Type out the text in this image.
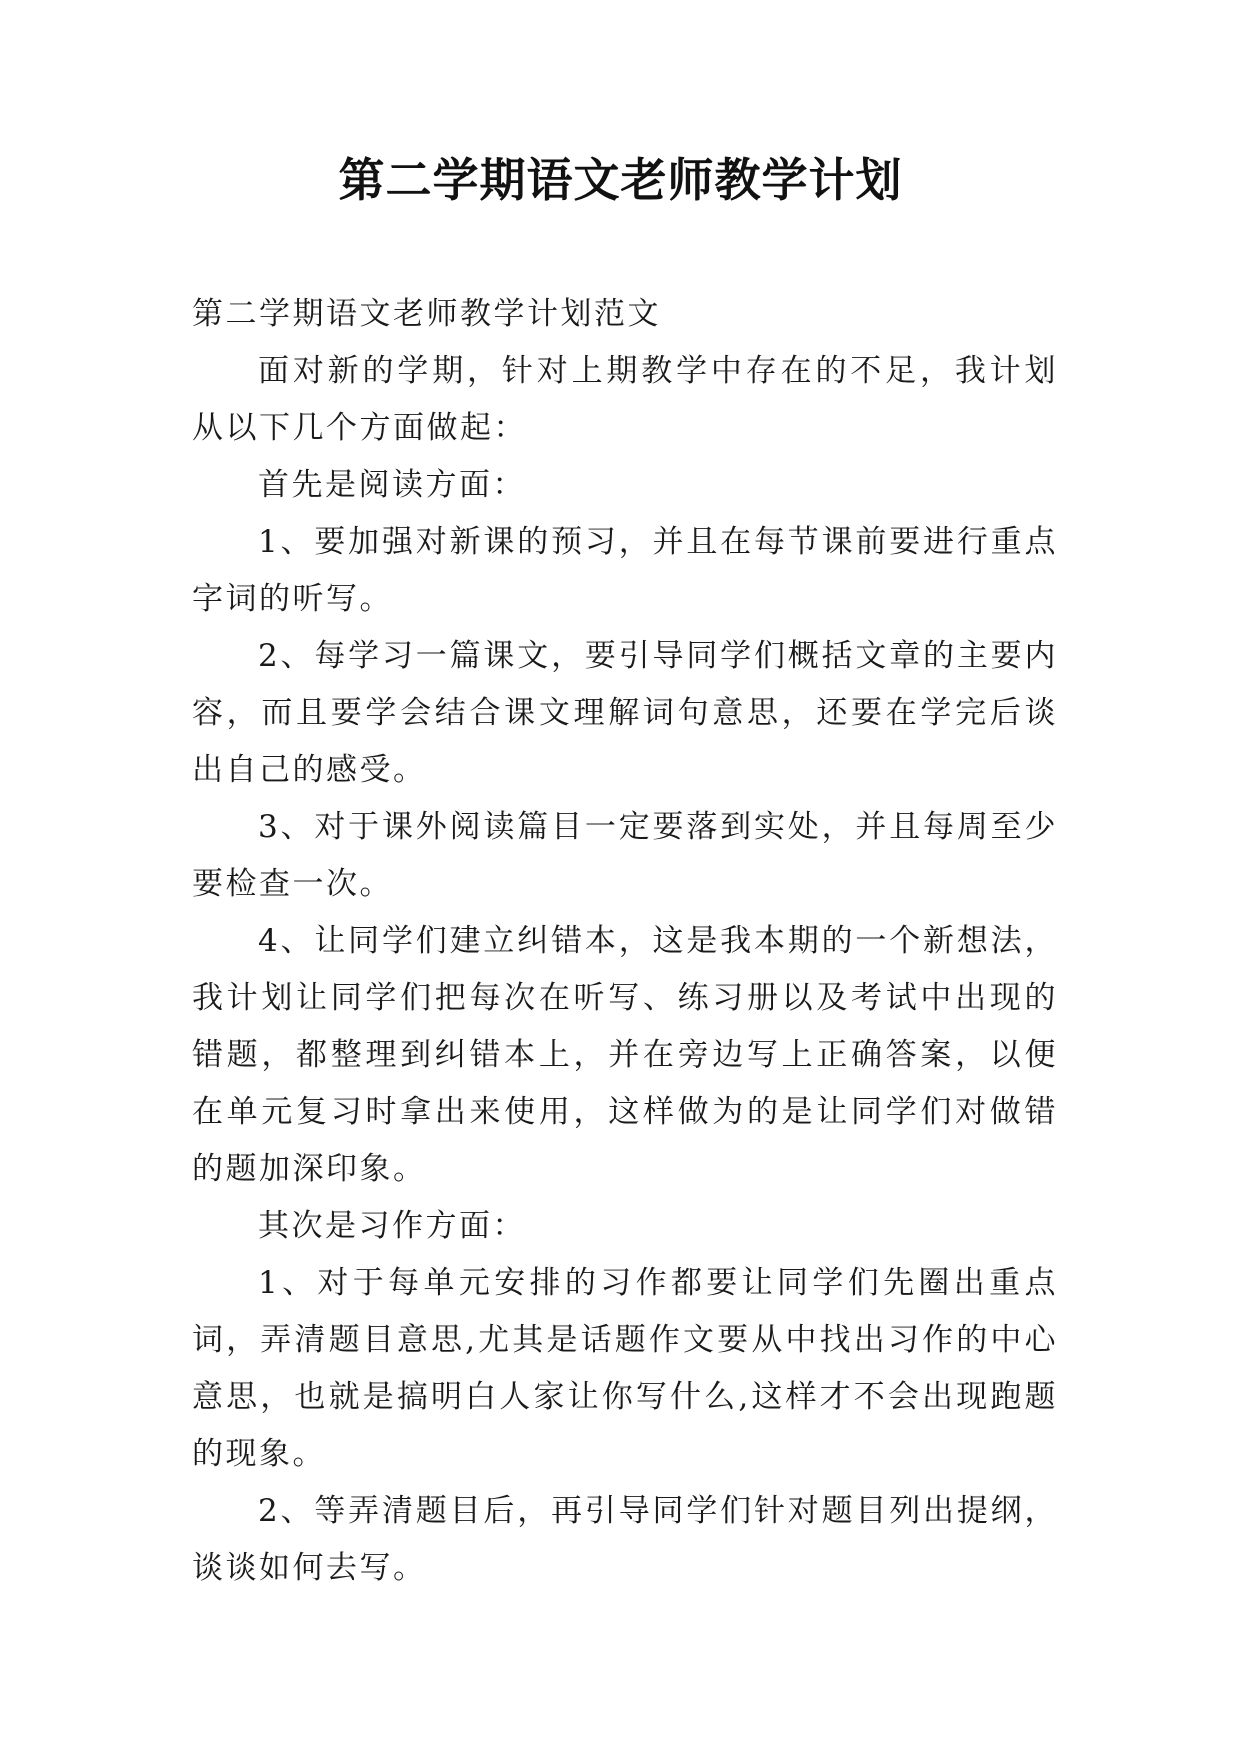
第二学期语文老师教学计划

第二学期语文老师教学计划范文

面对新的学期，针对上期教学中存在的不足，我计划从以下几个方面做起：

首先是阅读方面：

1、要加强对新课的预习，并且在每节课前要进行重点字词的听写。

2、每学习一篇课文，要引导同学们概括文章的主要内容，而且要学会结合课文理解词句意思，还要在学完后谈出自己的感受。

3、对于课外阅读篇目一定要落到实处，并且每周至少要检查一次。

4、让同学们建立纠错本，这是我本期的一个新想法，我计划让同学们把每次在听写、练习册以及考试中出现的错题，都整理到纠错本上，并在旁边写上正确答案，以便在单元复习时拿出来使用，这样做为的是让同学们对做错的题加深印象。

其次是习作方面：

1、对于每单元安排的习作都要让同学们先圈出重点词，弄清题目意思,尤其是话题作文要从中找出习作的中心意思，也就是搞明白人家让你写什么,这样才不会出现跑题的现象。

2、等弄清题目后，再引导同学们针对题目列出提纲，谈谈如何去写。
